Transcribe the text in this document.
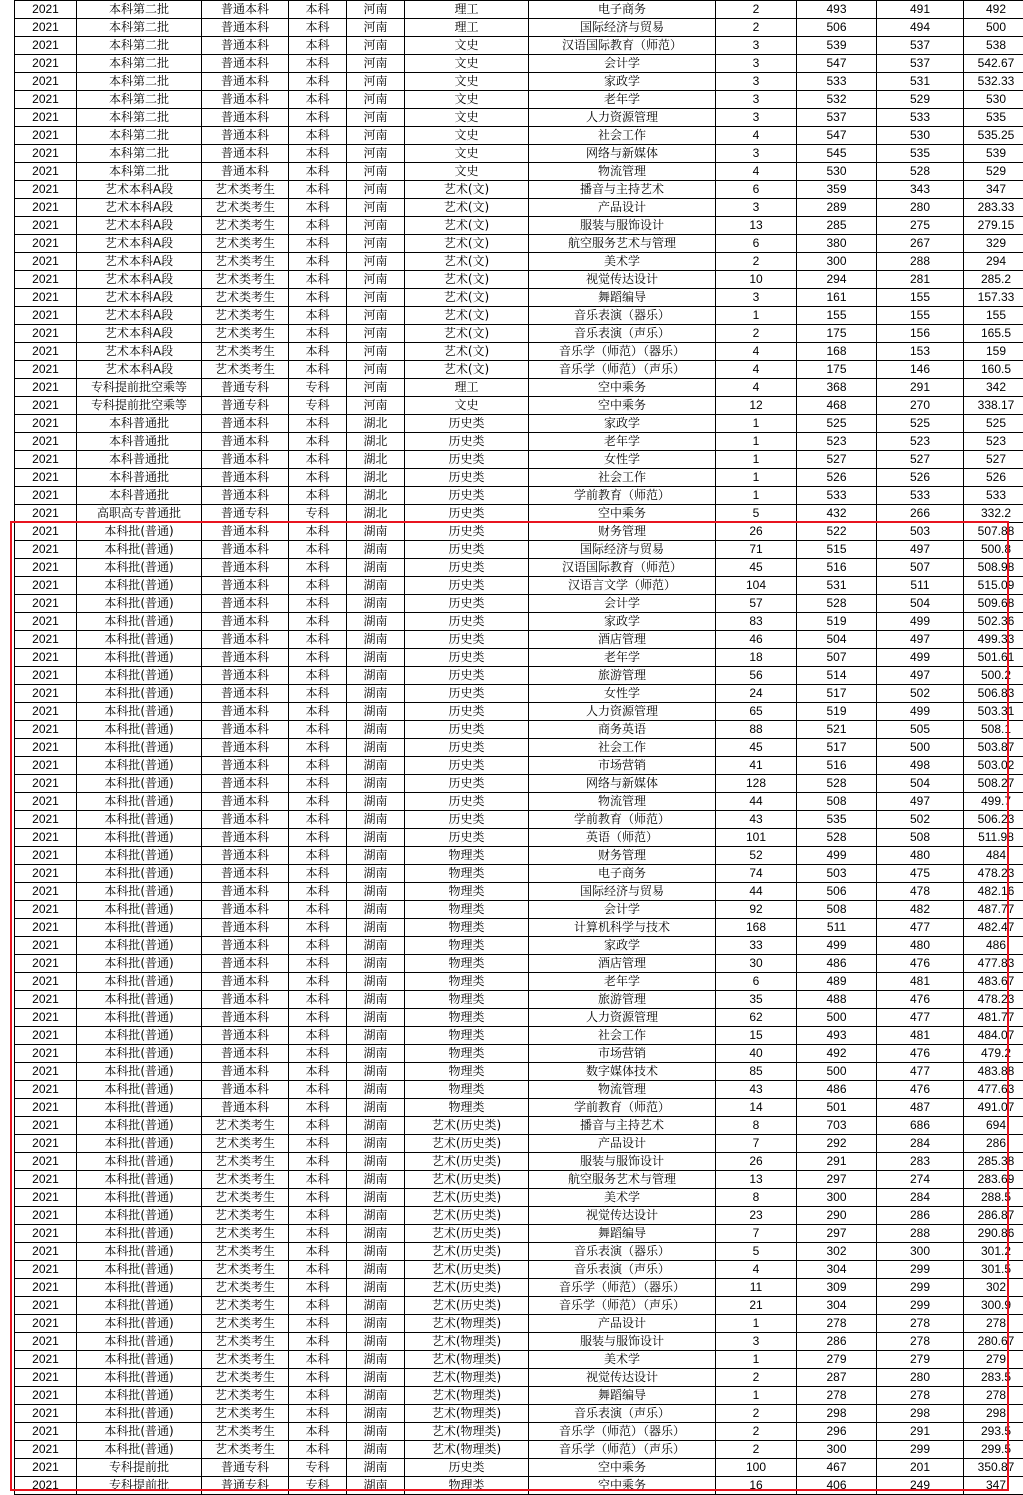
2021	本科第二批	普通本科	本科	河南	理工	电子商务	2	493	491	492
2021	本科第二批	普通本科	本科	河南	理工	国际经济与贸易	2	506	494	500
2021	本科第二批	普通本科	本科	河南	文史	汉语国际教育（师范）	3	539	537	538
2021	本科第二批	普通本科	本科	河南	文史	会计学	3	547	537	542.67
2021	本科第二批	普通本科	本科	河南	文史	家政学	3	533	531	532.33
2021	本科第二批	普通本科	本科	河南	文史	老年学	3	532	529	530
2021	本科第二批	普通本科	本科	河南	文史	人力资源管理	3	537	533	535
2021	本科第二批	普通本科	本科	河南	文史	社会工作	4	547	530	535.25
2021	本科第二批	普通本科	本科	河南	文史	网络与新媒体	3	545	535	539
2021	本科第二批	普通本科	本科	河南	文史	物流管理	4	530	528	529
2021	艺术本科A段	艺术类考生	本科	河南	艺术(文)	播音与主持艺术	6	359	343	347
2021	艺术本科A段	艺术类考生	本科	河南	艺术(文)	产品设计	3	289	280	283.33
2021	艺术本科A段	艺术类考生	本科	河南	艺术(文)	服装与服饰设计	13	285	275	279.15
2021	艺术本科A段	艺术类考生	本科	河南	艺术(文)	航空服务艺术与管理	6	380	267	329
2021	艺术本科A段	艺术类考生	本科	河南	艺术(文)	美术学	2	300	288	294
2021	艺术本科A段	艺术类考生	本科	河南	艺术(文)	视觉传达设计	10	294	281	285.2
2021	艺术本科A段	艺术类考生	本科	河南	艺术(文)	舞蹈编导	3	161	155	157.33
2021	艺术本科A段	艺术类考生	本科	河南	艺术(文)	音乐表演（器乐）	1	155	155	155
2021	艺术本科A段	艺术类考生	本科	河南	艺术(文)	音乐表演（声乐）	2	175	156	165.5
2021	艺术本科A段	艺术类考生	本科	河南	艺术(文)	音乐学（师范）（器乐）	4	168	153	159
2021	艺术本科A段	艺术类考生	本科	河南	艺术(文)	音乐学（师范）（声乐）	4	175	146	160.5
2021	专科提前批空乘等	普通专科	专科	河南	理工	空中乘务	4	368	291	342
2021	专科提前批空乘等	普通专科	专科	河南	文史	空中乘务	12	468	270	338.17
2021	本科普通批	普通本科	本科	湖北	历史类	家政学	1	525	525	525
2021	本科普通批	普通本科	本科	湖北	历史类	老年学	1	523	523	523
2021	本科普通批	普通本科	本科	湖北	历史类	女性学	1	527	527	527
2021	本科普通批	普通本科	本科	湖北	历史类	社会工作	1	526	526	526
2021	本科普通批	普通本科	本科	湖北	历史类	学前教育（师范）	1	533	533	533
2021	高职高专普通批	普通专科	专科	湖北	历史类	空中乘务	5	432	266	332.2
2021	本科批(普通)	普通本科	本科	湖南	历史类	财务管理	26	522	503	507.88
2021	本科批(普通)	普通本科	本科	湖南	历史类	国际经济与贸易	71	515	497	500.8
2021	本科批(普通)	普通本科	本科	湖南	历史类	汉语国际教育（师范）	45	516	507	508.98
2021	本科批(普通)	普通本科	本科	湖南	历史类	汉语言文学（师范）	104	531	511	515.09
2021	本科批(普通)	普通本科	本科	湖南	历史类	会计学	57	528	504	509.68
2021	本科批(普通)	普通本科	本科	湖南	历史类	家政学	83	519	499	502.36
2021	本科批(普通)	普通本科	本科	湖南	历史类	酒店管理	46	504	497	499.33
2021	本科批(普通)	普通本科	本科	湖南	历史类	老年学	18	507	499	501.61
2021	本科批(普通)	普通本科	本科	湖南	历史类	旅游管理	56	514	497	500.2
2021	本科批(普通)	普通本科	本科	湖南	历史类	女性学	24	517	502	506.83
2021	本科批(普通)	普通本科	本科	湖南	历史类	人力资源管理	65	519	499	503.31
2021	本科批(普通)	普通本科	本科	湖南	历史类	商务英语	88	521	505	508.1
2021	本科批(普通)	普通本科	本科	湖南	历史类	社会工作	45	517	500	503.87
2021	本科批(普通)	普通本科	本科	湖南	历史类	市场营销	41	516	498	503.02
2021	本科批(普通)	普通本科	本科	湖南	历史类	网络与新媒体	128	528	504	508.27
2021	本科批(普通)	普通本科	本科	湖南	历史类	物流管理	44	508	497	499.7
2021	本科批(普通)	普通本科	本科	湖南	历史类	学前教育（师范）	43	535	502	506.23
2021	本科批(普通)	普通本科	本科	湖南	历史类	英语（师范）	101	528	508	511.98
2021	本科批(普通)	普通本科	本科	湖南	物理类	财务管理	52	499	480	484
2021	本科批(普通)	普通本科	本科	湖南	物理类	电子商务	74	503	475	478.23
2021	本科批(普通)	普通本科	本科	湖南	物理类	国际经济与贸易	44	506	478	482.16
2021	本科批(普通)	普通本科	本科	湖南	物理类	会计学	92	508	482	487.77
2021	本科批(普通)	普通本科	本科	湖南	物理类	计算机科学与技术	168	511	477	482.47
2021	本科批(普通)	普通本科	本科	湖南	物理类	家政学	33	499	480	486
2021	本科批(普通)	普通本科	本科	湖南	物理类	酒店管理	30	486	476	477.83
2021	本科批(普通)	普通本科	本科	湖南	物理类	老年学	6	489	481	483.67
2021	本科批(普通)	普通本科	本科	湖南	物理类	旅游管理	35	488	476	478.23
2021	本科批(普通)	普通本科	本科	湖南	物理类	人力资源管理	62	500	477	481.77
2021	本科批(普通)	普通本科	本科	湖南	物理类	社会工作	15	493	481	484.07
2021	本科批(普通)	普通本科	本科	湖南	物理类	市场营销	40	492	476	479.2
2021	本科批(普通)	普通本科	本科	湖南	物理类	数字媒体技术	85	500	477	483.88
2021	本科批(普通)	普通本科	本科	湖南	物理类	物流管理	43	486	476	477.63
2021	本科批(普通)	普通本科	本科	湖南	物理类	学前教育（师范）	14	501	487	491.07
2021	本科批(普通)	艺术类考生	本科	湖南	艺术(历史类)	播音与主持艺术	8	703	686	694
2021	本科批(普通)	艺术类考生	本科	湖南	艺术(历史类)	产品设计	7	292	284	286
2021	本科批(普通)	艺术类考生	本科	湖南	艺术(历史类)	服装与服饰设计	26	291	283	285.38
2021	本科批(普通)	艺术类考生	本科	湖南	艺术(历史类)	航空服务艺术与管理	13	297	274	283.69
2021	本科批(普通)	艺术类考生	本科	湖南	艺术(历史类)	美术学	8	300	284	288.5
2021	本科批(普通)	艺术类考生	本科	湖南	艺术(历史类)	视觉传达设计	23	290	286	286.87
2021	本科批(普通)	艺术类考生	本科	湖南	艺术(历史类)	舞蹈编导	7	297	288	290.86
2021	本科批(普通)	艺术类考生	本科	湖南	艺术(历史类)	音乐表演（器乐）	5	302	300	301.2
2021	本科批(普通)	艺术类考生	本科	湖南	艺术(历史类)	音乐表演（声乐）	4	304	299	301.5
2021	本科批(普通)	艺术类考生	本科	湖南	艺术(历史类)	音乐学（师范）（器乐）	11	309	299	302
2021	本科批(普通)	艺术类考生	本科	湖南	艺术(历史类)	音乐学（师范）（声乐）	21	304	299	300.9
2021	本科批(普通)	艺术类考生	本科	湖南	艺术(物理类)	产品设计	1	278	278	278
2021	本科批(普通)	艺术类考生	本科	湖南	艺术(物理类)	服装与服饰设计	3	286	278	280.67
2021	本科批(普通)	艺术类考生	本科	湖南	艺术(物理类)	美术学	1	279	279	279
2021	本科批(普通)	艺术类考生	本科	湖南	艺术(物理类)	视觉传达设计	2	287	280	283.5
2021	本科批(普通)	艺术类考生	本科	湖南	艺术(物理类)	舞蹈编导	1	278	278	278
2021	本科批(普通)	艺术类考生	本科	湖南	艺术(物理类)	音乐表演（声乐）	2	298	298	298
2021	本科批(普通)	艺术类考生	本科	湖南	艺术(物理类)	音乐学（师范）（器乐）	2	296	291	293.5
2021	本科批(普通)	艺术类考生	本科	湖南	艺术(物理类)	音乐学（师范）（声乐）	2	300	299	299.5
2021	专科提前批	普通专科	专科	湖南	历史类	空中乘务	100	467	201	350.87
2021	专科提前批	普通专科	专科	湖南	物理类	空中乘务	16	406	249	347
